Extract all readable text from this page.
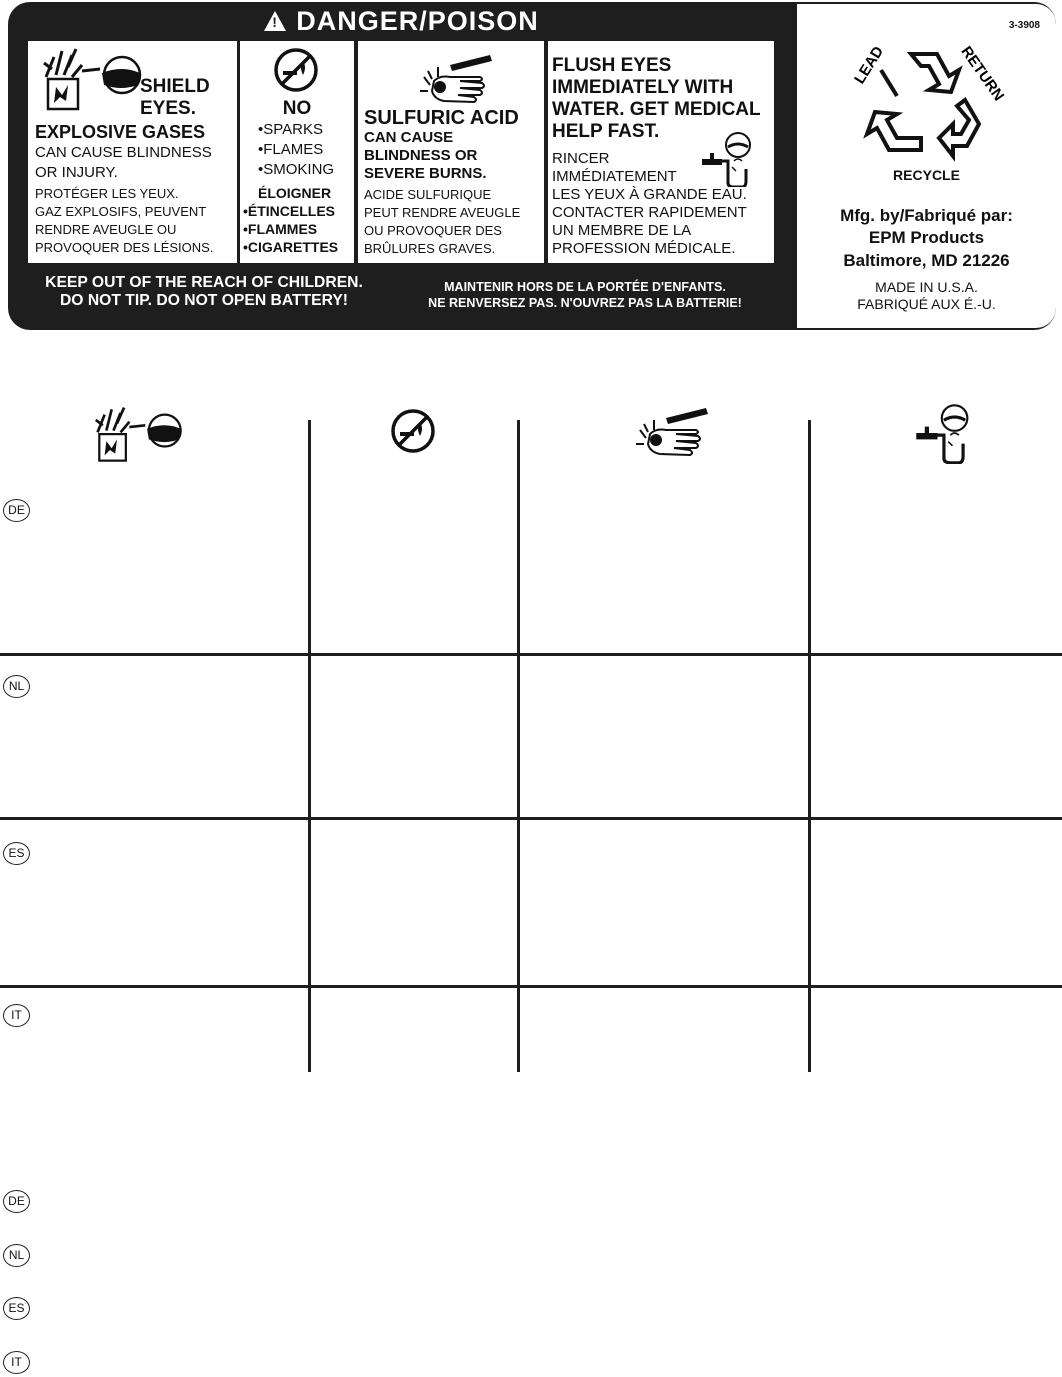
!DANGER/POISON
SHIELD
EYES.
EXPLOSIVE GASES
CAN CAUSE BLINDNESS
OR INJURY.
PROTÉGER LES YEUX.
GAZ EXPLOSIFS, PEUVENT
RENDRE AVEUGLE OU
PROVOQUER DES LÉSIONS.
NO
•SPARKS
•FLAMES
•SMOKING
ÉLOIGNER
•ÉTINCELLES
•FLAMMES
•CIGARETTES
SULFURIC ACID
CAN CAUSE
BLINDNESS OR
SEVERE BURNS.
ACIDE SULFURIQUE
PEUT RENDRE AVEUGLE
OU PROVOQUER DES
BRÛLURES GRAVES.
FLUSH EYES
IMMEDIATELY WITH
WATER. GET MEDICAL
HELP FAST.
RINCER
IMMÉDIATEMENT
LES YEUX À GRANDE EAU.
CONTACTER RAPIDEMENT
UN MEMBRE DE LA
PROFESSION MÉDICALE.
KEEP OUT OF THE REACH OF CHILDREN.
DO NOT TIP. DO NOT OPEN BATTERY!
MAINTENIR HORS DE LA PORTÉE D'ENFANTS.
NE RENVERSEZ PAS. N'OUVREZ PAS LA BATTERIE!
3-3908
LEAD	RETURN
RECYCLE
Mfg. by/Fabriqué par:
EPM Products
Baltimore, MD 21226
MADE IN U.S.A.
FABRIQUÉ AUX É.-U.
DE
NL
ES
IT
DE
NL
ES
IT
